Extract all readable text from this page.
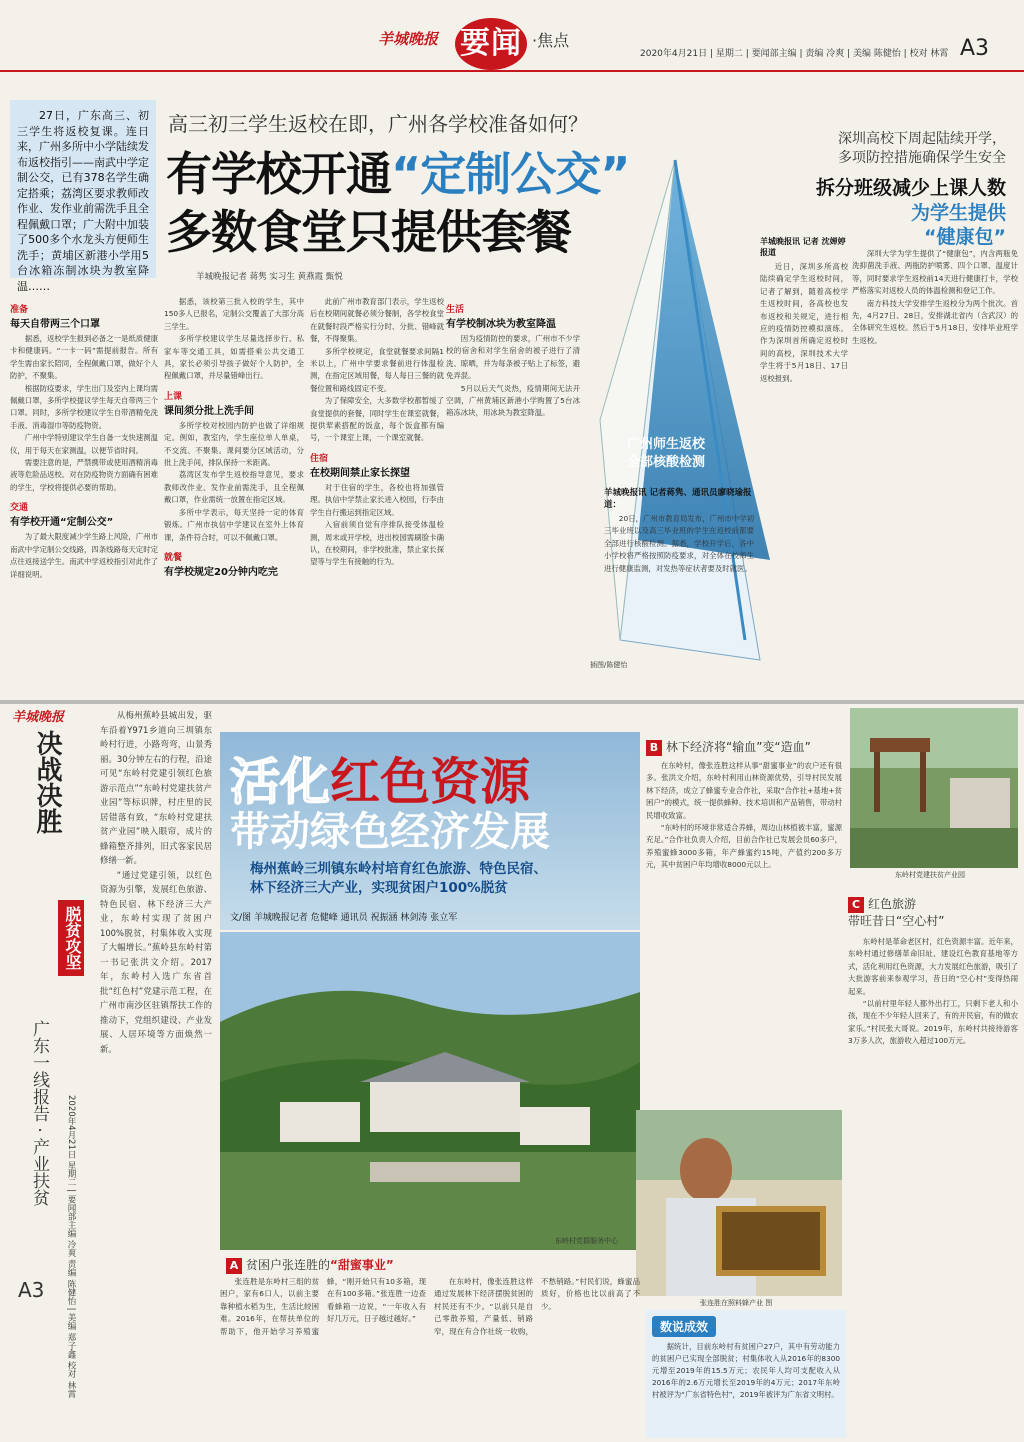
羊城晚报 要闻 ·焦点
2020年4月21日 | 星期二 | 要闻部主编 | 责编 冷爽 | 美编 陈健怡 | 校对 林霄 A3
27日，广东高三、初三学生将返校复课。连日来，广州多所中小学陆续发布返校指引——南武中学定制公交，已有378名学生确定搭乘；荔湾区要求教师改作业、发作业前需洗手且全程佩戴口罩；广大附中加装了500多个水龙头方便师生洗手；黄埔区新港小学用5台冰箱冻制冰块为教室降温……
高三初三学生返校在即，广州各学校准备如何？
有学校开通“定制公交”
多数食堂只提供套餐
羊城晚报记者 蒋隽 实习生 黄燕霞 甄悦
深圳高校下周起陆续开学，
多项防控措施确保学生安全
拆分班级减少上课人数
为学生提供
“健康包”
广州师生返校
全部核酸检测
插图/陈健怡
准备
每天自带两三个口罩

据悉，返校学生报到必备之一是纸质健康卡和健康码。“一卡一码”需提前报告。所有学生需由家长陪同，全程佩戴口罩，做好个人防护，不聚集。

根据防疫要求，学生出门及室内上课均需佩戴口罩，多所学校提议学生每天自带两三个口罩。同时，多所学校建议学生自带酒精免洗手液、消毒湿巾等防疫物资。

广州中学特别建议学生自备一支快速测温仪，用于每天在家测温，以便节省时间。

需要注意的是，严禁携带或使用酒精消毒液等危险品返校。对在防疫物资方面确有困难的学生，学校将提供必要的帮助。

交通
有学校开通“定制公交”

为了最大限度减少学生路上风险，广州市南武中学定制公交线路，四条线路每天定时定点往返接送学生。南武中学返校指引对此作了详细说明。

据悉，该校第三批入校的学生，其中150多人已报名，定制公交覆盖了大部分高三学生。

多所学校建议学生尽量选择步行、私家车等交通工具，如需搭乘公共交通工具，家长必须引导孩子做好个人防护，全程佩戴口罩，并尽量错峰出行。

上课
课间须分批上洗手间

多所学校对校园内防护也做了详细规定。例如，教室内，学生座位单人单桌，不交流、不聚集。课间要分区域活动，分批上洗手间，排队保持一米距离。

荔湾区发布学生返校指导意见，要求教师改作业、发作业前需洗手，且全程佩戴口罩，作业需统一放置在指定区域。

多所中学表示，每天坚持一定的体育锻炼。广州市执信中学建议在室外上体育课，条件符合时，可以不佩戴口罩。

就餐
有学校规定20分钟内吃完

此前广州市教育部门表示，学生返校后在校期间就餐必须分餐制，各学校食堂在就餐时段严格实行分时、分批、错峰就餐，不得聚集。

多所学校规定，食堂就餐要求间隔1米以上，广州中学要求餐前进行体温检测，在指定区域用餐，每人每日三餐的就餐位置和路线固定不变。

为了保障安全，大多数学校都暂缓了食堂提供的套餐，同时学生在课室就餐，提供荤素搭配的饭盒，每个饭盒都有编号，一个课室上课，一个课室就餐。

住宿
在校期间禁止家长探望

对于住宿的学生，各校也将加强管理。执信中学禁止家长进入校园，行李由学生自行搬运到指定区域。

入宿前须自觉有序排队接受体温检测，周末或开学校，进出校园需刷脸卡确认，在校期间，非学校批准，禁止家长探望等与学生有接触的行为。

生活
有学校制冰块为教室降温

因为疫情防控的要求，广州市不少学校的宿舍和对学生宿舍的被子进行了清洗、晾晒，并为每条被子贴上了标签，避免弄混。

5月以后天气炎热，疫情期间无法开空调，广州黄埔区新港小学购置了5台冰箱冻冰块，用冰块为教室降温。

羊城晚报讯 记者蒋隽、通讯员廖晓瑜报道：

20日，广州市教育局发布，广州市中学初三毕业班以及高三毕业班的学生在返校前都要全部进行核酸检测。据悉，学校开学后，各中小学校将严格按照防疫要求，对全体在校师生进行健康监测，对发热等症状者要及时就医。

羊城晚报讯 记者 沈婵婷报道

近日，深圳多所高校陆续确定学生返校时间，记者了解到，随着高校学生返校时间，各高校也发布返校和关规定，进行相应的疫情防控模拟演练。作为深圳首所确定返校时间的高校，深圳技术大学学生将于5月18日、17日返校报到。

深圳大学为学生提供了“健康包”，内含两瓶免洗抑菌洗手液、两瓶防护喷雾、四个口罩、温度计等，同时要求学生返校前14天进行健康打卡，学校严格落实对返校人员的体温检测和登记工作。

南方科技大学安排学生返校分为两个批次。首先，4月27日、28日，安排湖北省内（含武汉）的全体研究生返校。然后于5月18日，安排毕业班学生返校。

羊城晚报
决战决胜
脱贫攻坚
广东一线报告 · 产业扶贫 2020年4月21日 星期二 | 要闻部主编 冷爽 责编 陈健怡 | 美编 郑子鑫 校对 林霄
A3

从梅州蕉岭县城出发，驱车沿着Y971乡道向三圳镇东岭村行进，小路弯弯，山景秀丽。30分钟左右的行程，沿途可见“东岭村党建引领红色旅游示范点”“东岭村党建扶贫产业园”等标识牌，村庄里的民居错落有致，“东岭村党建扶贫产业园”映入眼帘，成片的蜂箱整齐排列，旧式客家民居修缮一新。

“通过党建引领，以红色资源为引擎，发展红色旅游、特色民宿、林下经济三大产业，东岭村实现了贫困户100%脱贫，村集体收入实现了大幅增长。”蕉岭县东岭村第一书记张洪文介绍。2017年，东岭村入选广东省首批“红色村”党建示范工程，在广州市南沙区驻镇帮扶工作的推动下，党组织建设、产业发展、人居环境等方面焕然一新。

活化红色资源
带动绿色经济发展
梅州蕉岭三圳镇东岭村培育红色旅游、特色民宿、
林下经济三大产业，实现贫困户100%脱贫
文/图 羊城晚报记者 危健峰 通讯员 祝振涵 林剑涛 张立军
东岭村党群服务中心
东岭村党建扶贫产业园
B 林下经济将“输血”变“造血”

在东岭村，像张连胜这样从事“甜蜜事业”的农户还有很多。张洪文介绍，东岭村利用山林资源优势，引导村民发展林下经济，成立了蜂蜜专业合作社，采取“合作社+基地+贫困户”的模式，统一提供蜂种、技术培训和产品销售，带动村民增收致富。

“东岭村的环境非常适合养蜂，周边山林植被丰富，蜜源充足。”合作社负责人介绍，目前合作社已发展会员60多户，养殖蜜蜂3000多箱，年产蜂蜜约15吨，产值约200多万元，其中贫困户年均增收8000元以上。

C 红色旅游
带旺昔日“空心村”

东岭村是革命老区村，红色资源丰富。近年来，东岭村通过修缮革命旧址、建设红色教育基地等方式，活化利用红色资源，大力发展红色旅游，吸引了大批游客前来参观学习，昔日的“空心村”变得热闹起来。

“以前村里年轻人都外出打工，只剩下老人和小孩，现在不少年轻人回来了，有的开民宿，有的做农家乐。”村民张大哥说。2019年，东岭村共接待游客3万多人次，旅游收入超过100万元。

张连胜在照料蜂产业 图
A 贫困户张连胜的“甜蜜事业”

张连胜是东岭村三组的贫困户，家有6口人，以前主要靠种植水稻为生，生活比较困难。2016年，在帮扶单位的帮助下，他开始学习养殖蜜蜂，“刚开始只有10多箱，现在有100多箱。”张连胜一边查看蜂箱一边说，“一年收入有好几万元，日子越过越好。”

在东岭村，像张连胜这样通过发展林下经济摆脱贫困的村民还有不少。“以前只是自己零散养殖，产量低、销路窄，现在有合作社统一收购，不愁销路。”村民们说，蜂蜜品质好，价格也比以前高了不少。

数说成效
据统计，目前东岭村有贫困户27户，其中有劳动能力的贫困户已实现全部脱贫；村集体收入从2016年的8300元增至2019年的15.5万元；农民年人均可支配收入从2016年的2.6万元增长至2019年的4万元；2017年东岭村被评为“广东省特色村”，2019年被评为广东省文明村。
